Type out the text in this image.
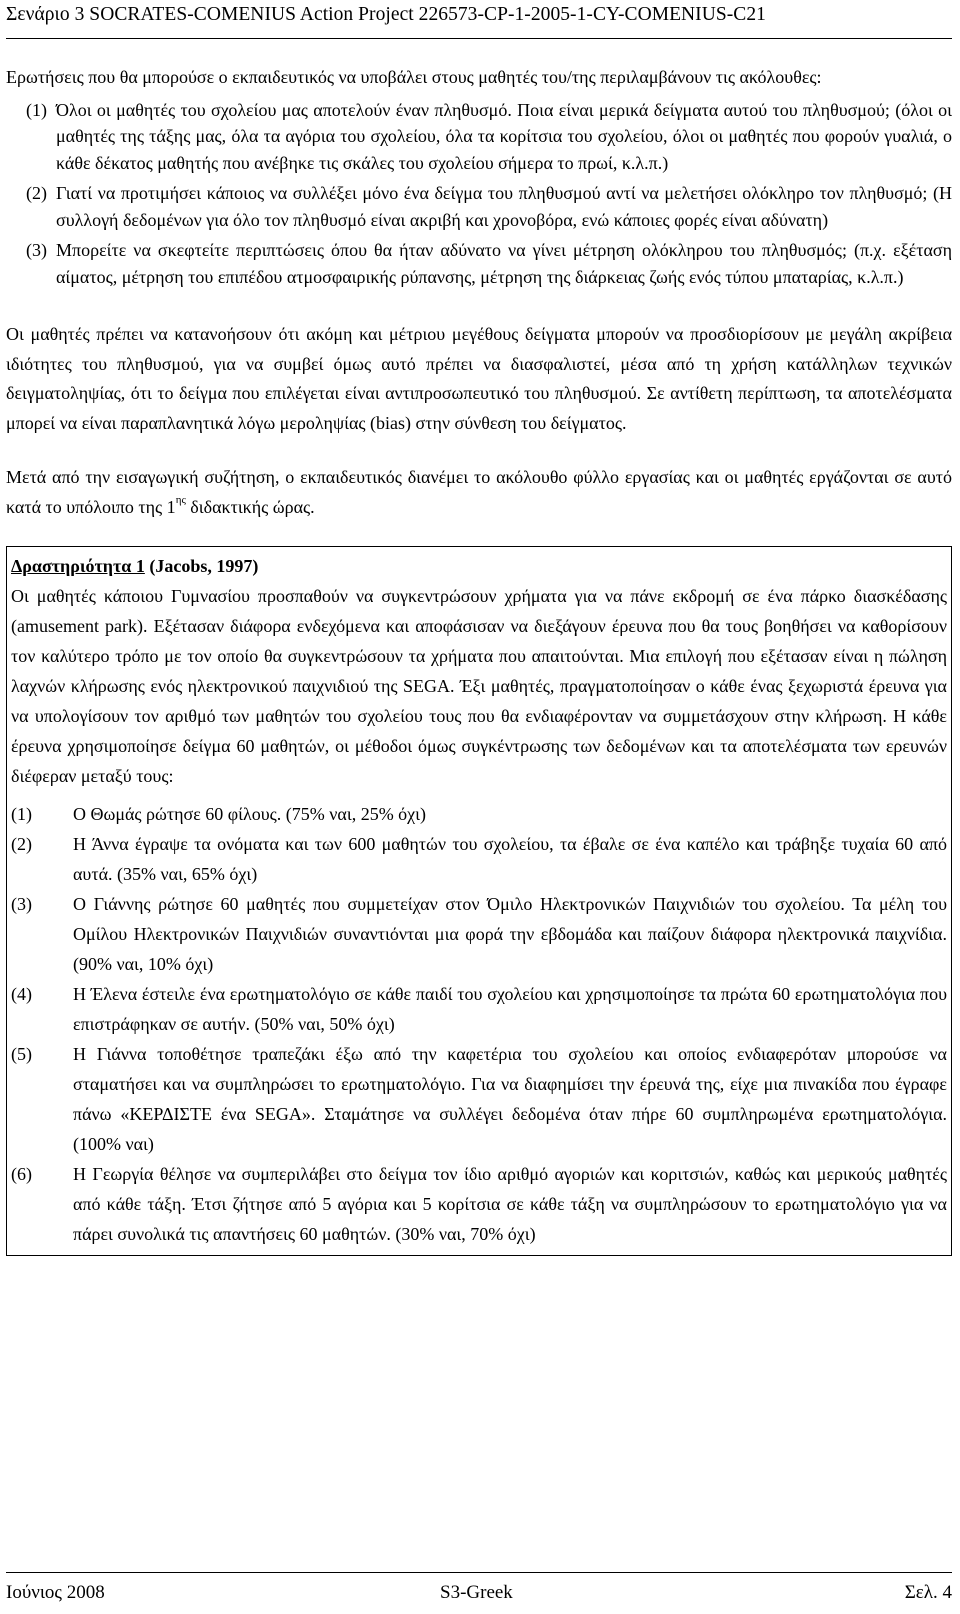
Σενάριο 3 SOCRATES-COMENIUS Action Project 226573-CP-1-2005-1-CY-COMENIUS-C21

Ερωτήσεις που θα μπορούσε ο εκπαιδευτικός να υποβάλει στους μαθητές του/της περιλαμβάνουν τις ακόλουθες:

(1) Όλοι οι μαθητές του σχολείου μας αποτελούν έναν πληθυσμό. Ποια είναι μερικά δείγματα αυτού του πληθυσμού; (όλοι οι μαθητές της τάξης μας, όλα τα αγόρια του σχολείου, όλα τα κορίτσια του σχολείου, όλοι οι μαθητές που φορούν γυαλιά, ο κάθε δέκατος μαθητής που ανέβηκε τις σκάλες του σχολείου σήμερα το πρωί, κ.λ.π.)
(2) Γιατί να προτιμήσει κάποιος να συλλέξει μόνο ένα δείγμα του πληθυσμού αντί να μελετήσει ολόκληρο τον πληθυσμό; (Η συλλογή δεδομένων για όλο τον πληθυσμό είναι ακριβή και χρονοβόρα, ενώ κάποιες φορές είναι αδύνατη)
(3) Μπορείτε να σκεφτείτε περιπτώσεις όπου θα ήταν αδύνατο να γίνει μέτρηση ολόκληρου του πληθυσμός; (π.χ. εξέταση αίματος, μέτρηση του επιπέδου ατμοσφαιρικής ρύπανσης, μέτρηση της διάρκειας ζωής ενός τύπου μπαταρίας, κ.λ.π.)

Οι μαθητές πρέπει να κατανοήσουν ότι ακόμη και μέτριου μεγέθους δείγματα μπορούν να προσδιορίσουν με μεγάλη ακρίβεια ιδιότητες του πληθυσμού, για να συμβεί όμως αυτό πρέπει να διασφαλιστεί, μέσα από τη χρήση κατάλληλων τεχνικών δειγματοληψίας, ότι το δείγμα που επιλέγεται είναι αντιπροσωπευτικό του πληθυσμού. Σε αντίθετη περίπτωση, τα αποτελέσματα μπορεί να είναι παραπλανητικά λόγω μεροληψίας (bias) στην σύνθεση του δείγματος.

Μετά από την εισαγωγική συζήτηση, ο εκπαιδευτικός διανέμει το ακόλουθο φύλλο εργασίας και οι μαθητές εργάζονται σε αυτό κατά το υπόλοιπο της $1^{\eta\varsigma}$ διδακτικής ώρας.

Δραστηριότητα 1 (Jacobs, 1997)

Οι μαθητές κάποιου Γυμνασίου προσπαθούν να συγκεντρώσουν χρήματα για να πάνε εκδρομή σε ένα πάρκο διασκέδασης (amusement park). Εξέτασαν διάφορα ενδεχόμενα και αποφάσισαν να διεξάγουν έρευνα που θα τους βοηθήσει να καθορίσουν τον καλύτερο τρόπο με τον οποίο θα συγκεντρώσουν τα χρήματα που απαιτούνται. Μια επιλογή που εξέτασαν είναι η πώληση λαχνών κλήρωσης ενός ηλεκτρονικού παιχνιδιού της SEGA. Έξι μαθητές, πραγματοποίησαν ο κάθε ένας ξεχωριστά έρευνα για να υπολογίσουν τον αριθμό των μαθητών του σχολείου τους που θα ενδιαφέρονταν να συμμετάσχουν στην κλήρωση. Η κάθε έρευνα χρησιμοποίησε δείγμα 60 μαθητών, οι μέθοδοι όμως συγκέντρωσης των δεδομένων και τα αποτελέσματα των ερευνών διέφεραν μεταξύ τους:

(1)	Ο Θωμάς ρώτησε 60 φίλους. (75% ναι, 25% όχι)
(2)	Η Άννα έγραψε τα ονόματα και των 600 μαθητών του σχολείου, τα έβαλε σε ένα καπέλο και τράβηξε τυχαία 60 από αυτά. (35% ναι, 65% όχι)
(3)	Ο Γιάννης ρώτησε 60 μαθητές που συμμετείχαν στον Όμιλο Ηλεκτρονικών Παιχνιδιών του σχολείου. Τα μέλη του Ομίλου Ηλεκτρονικών Παιχνιδιών συναντιόνται μια φορά την εβδομάδα και παίζουν διάφορα ηλεκτρονικά παιχνίδια. (90% ναι, 10% όχι)
(4)	Η Έλενα έστειλε ένα ερωτηματολόγιο σε κάθε παιδί του σχολείου και χρησιμοποίησε τα πρώτα 60 ερωτηματολόγια που επιστράφηκαν σε αυτήν. (50% ναι, 50% όχι)
(5)	Η Γιάννα τοποθέτησε τραπεζάκι έξω από την καφετέρια του σχολείου και οποίος ενδιαφερόταν μπορούσε να σταματήσει και να συμπληρώσει το ερωτηματολόγιο. Για να διαφημίσει την έρευνά της, είχε μια πινακίδα που έγραφε πάνω «ΚΕΡΔΙΣΤΕ ένα SEGA». Σταμάτησε να συλλέγει δεδομένα όταν πήρε 60 συμπληρωμένα ερωτηματολόγια. (100% ναι)
(6)	Η Γεωργία θέλησε να συμπεριλάβει στο δείγμα τον ίδιο αριθμό αγοριών και κοριτσιών, καθώς και μερικούς μαθητές από κάθε τάξη. Έτσι ζήτησε από 5 αγόρια και 5 κορίτσια σε κάθε τάξη να συμπληρώσουν το ερωτηματολόγιο για να πάρει συνολικά τις απαντήσεις 60 μαθητών. (30% ναι, 70% όχι)
Ιούνιος 2008	S3-Greek	Σελ. 4
